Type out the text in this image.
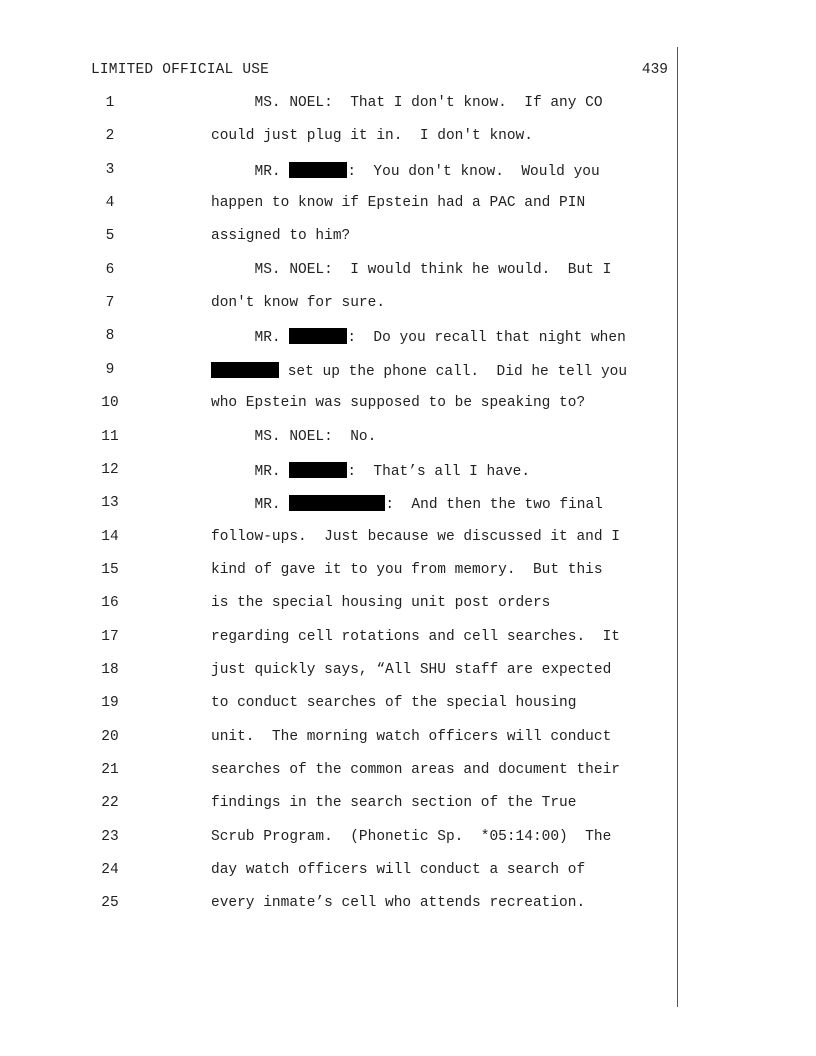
LIMITED OFFICIAL USE	439
1	MS. NOEL:  That I don't know.  If any CO
2	could just plug it in.  I don't know.
3	MR.	:  You don't know.  Would you
4	happen to know if Epstein had a PAC and PIN
5	assigned to him?
6	MS. NOEL:  I would think he would.  But I
7	don't know for sure.
8	MR.	:  Do you recall that night when
9	set up the phone call.  Did he tell you
10	who Epstein was supposed to be speaking to?
11	MS. NOEL:  No.
12	MR.	:  That’s all I have.
13	MR.	:  And then the two final
14	follow-ups.  Just because we discussed it and I
15	kind of gave it to you from memory.  But this
16	is the special housing unit post orders
17	regarding cell rotations and cell searches.  It
18	just quickly says, “All SHU staff are expected
19	to conduct searches of the special housing
20	unit.  The morning watch officers will conduct
21	searches of the common areas and document their
22	findings in the search section of the True
23	Scrub Program.  (Phonetic Sp.  *05:14:00)  The
24	day watch officers will conduct a search of
25	every inmate’s cell who attends recreation.
